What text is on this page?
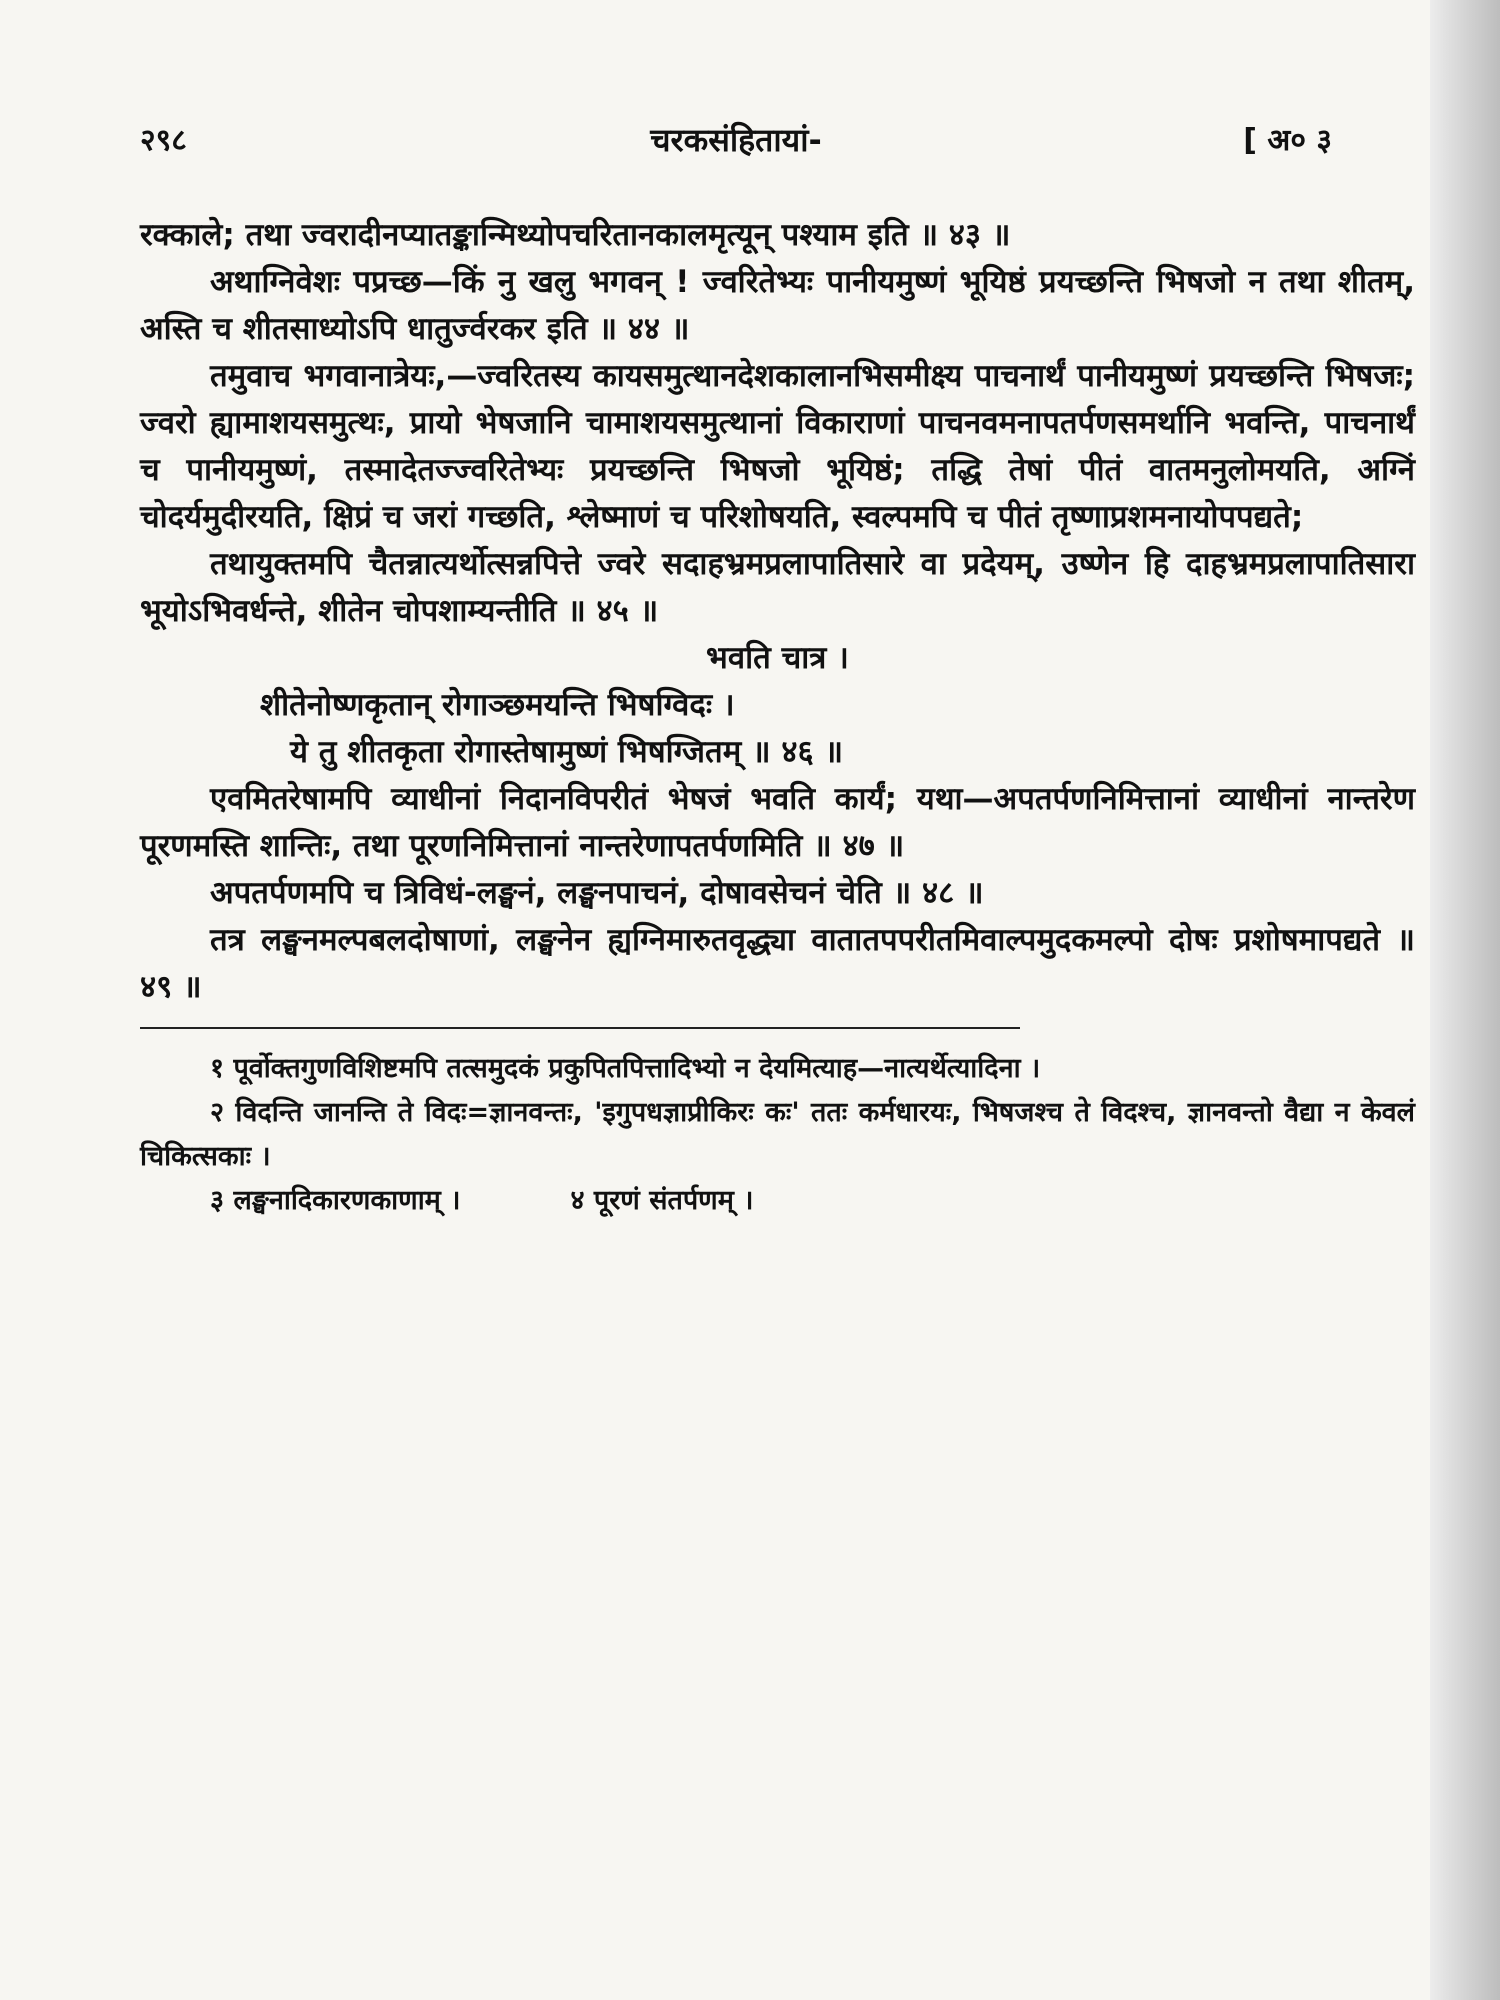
२९८	चरकसंहितायां-	[ अ० ३

रक्काले; तथा ज्वरादीनप्यातङ्कान्मिथ्योपचरितानकालमृत्यून् पश्याम इति ॥ ४३ ॥

अथाग्निवेशः पप्रच्छ—किं नु खलु भगवन् ! ज्वरितेभ्यः पानीयमुष्णं भूयिष्ठं प्रयच्छन्ति भिषजो न तथा शीतम्, अस्ति च शीतसाध्योऽपि धातुर्ज्वरकर इति ॥ ४४ ॥

तमुवाच भगवानात्रेयः,—ज्वरितस्य कायसमुत्थानदेशकालानभिसमीक्ष्य पाचनार्थं पानीयमुष्णं प्रयच्छन्ति भिषजः; ज्वरो ह्यामाशयसमुत्थः, प्रायो भेषजानि चामाशयसमुत्थानां विकाराणां पाचनवमनापतर्पणसमर्थानि भवन्ति, पाचनार्थं च पानीयमुष्णं, तस्मादेतज्ज्वरितेभ्यः प्रयच्छन्ति भिषजो भूयिष्ठं; तद्धि तेषां पीतं वातमनुलोमयति, अग्निं चोदर्यमुदीरयति, क्षिप्रं च जरां गच्छति, श्लेष्माणं च परिशोषयति, स्वल्पमपि च पीतं तृष्णाप्रशमनायोपपद्यते;

तथायुक्तमपि चैतन्नात्यर्थोत्सन्नपित्ते ज्वरे सदाहभ्रमप्रलापातिसारे वा प्रदेयम्, उष्णेन हि दाहभ्रमप्रलापातिसारा भूयोऽभिवर्धन्ते, शीतेन चोपशाम्यन्तीति ॥ ४५ ॥

भवति चात्र ।

शीतेनोष्णकृतान् रोगाञ्छमयन्ति भिषग्विदः ।

ये तु शीतकृता रोगास्तेषामुष्णं भिषग्जितम् ॥ ४६ ॥

एवमितरेषामपि व्याधीनां निदानविपरीतं भेषजं भवति कार्यं; यथा—अपतर्पणनिमित्तानां व्याधीनां नान्तरेण पूरणमस्ति शान्तिः, तथा पूरणनिमित्तानां नान्तरेणापतर्पणमिति ॥ ४७ ॥

अपतर्पणमपि च त्रिविधं-लङ्घनं, लङ्घनपाचनं, दोषावसेचनं चेति ॥ ४८ ॥

तत्र लङ्घनमल्पबलदोषाणां, लङ्घनेन ह्यग्निमारुतवृद्ध्या वातातपपरीतमिवाल्पमुदकमल्पो दोषः प्रशोषमापद्यते ॥ ४९ ॥

१ पूर्वोक्तगुणविशिष्टमपि तत्समुदकं प्रकुपितपित्तादिभ्यो न देयमित्याह—नात्यर्थेत्यादिना ।

२ विदन्ति जानन्ति ते विदः=ज्ञानवन्तः, 'इगुपधज्ञाप्रीकिरः कः' ततः कर्मधारयः, भिषजश्च ते विदश्च, ज्ञानवन्तो वैद्या न केवलं चिकित्सकाः ।

३ लङ्घनादिकारणकाणाम् ।	४ पूरणं संतर्पणम् ।
